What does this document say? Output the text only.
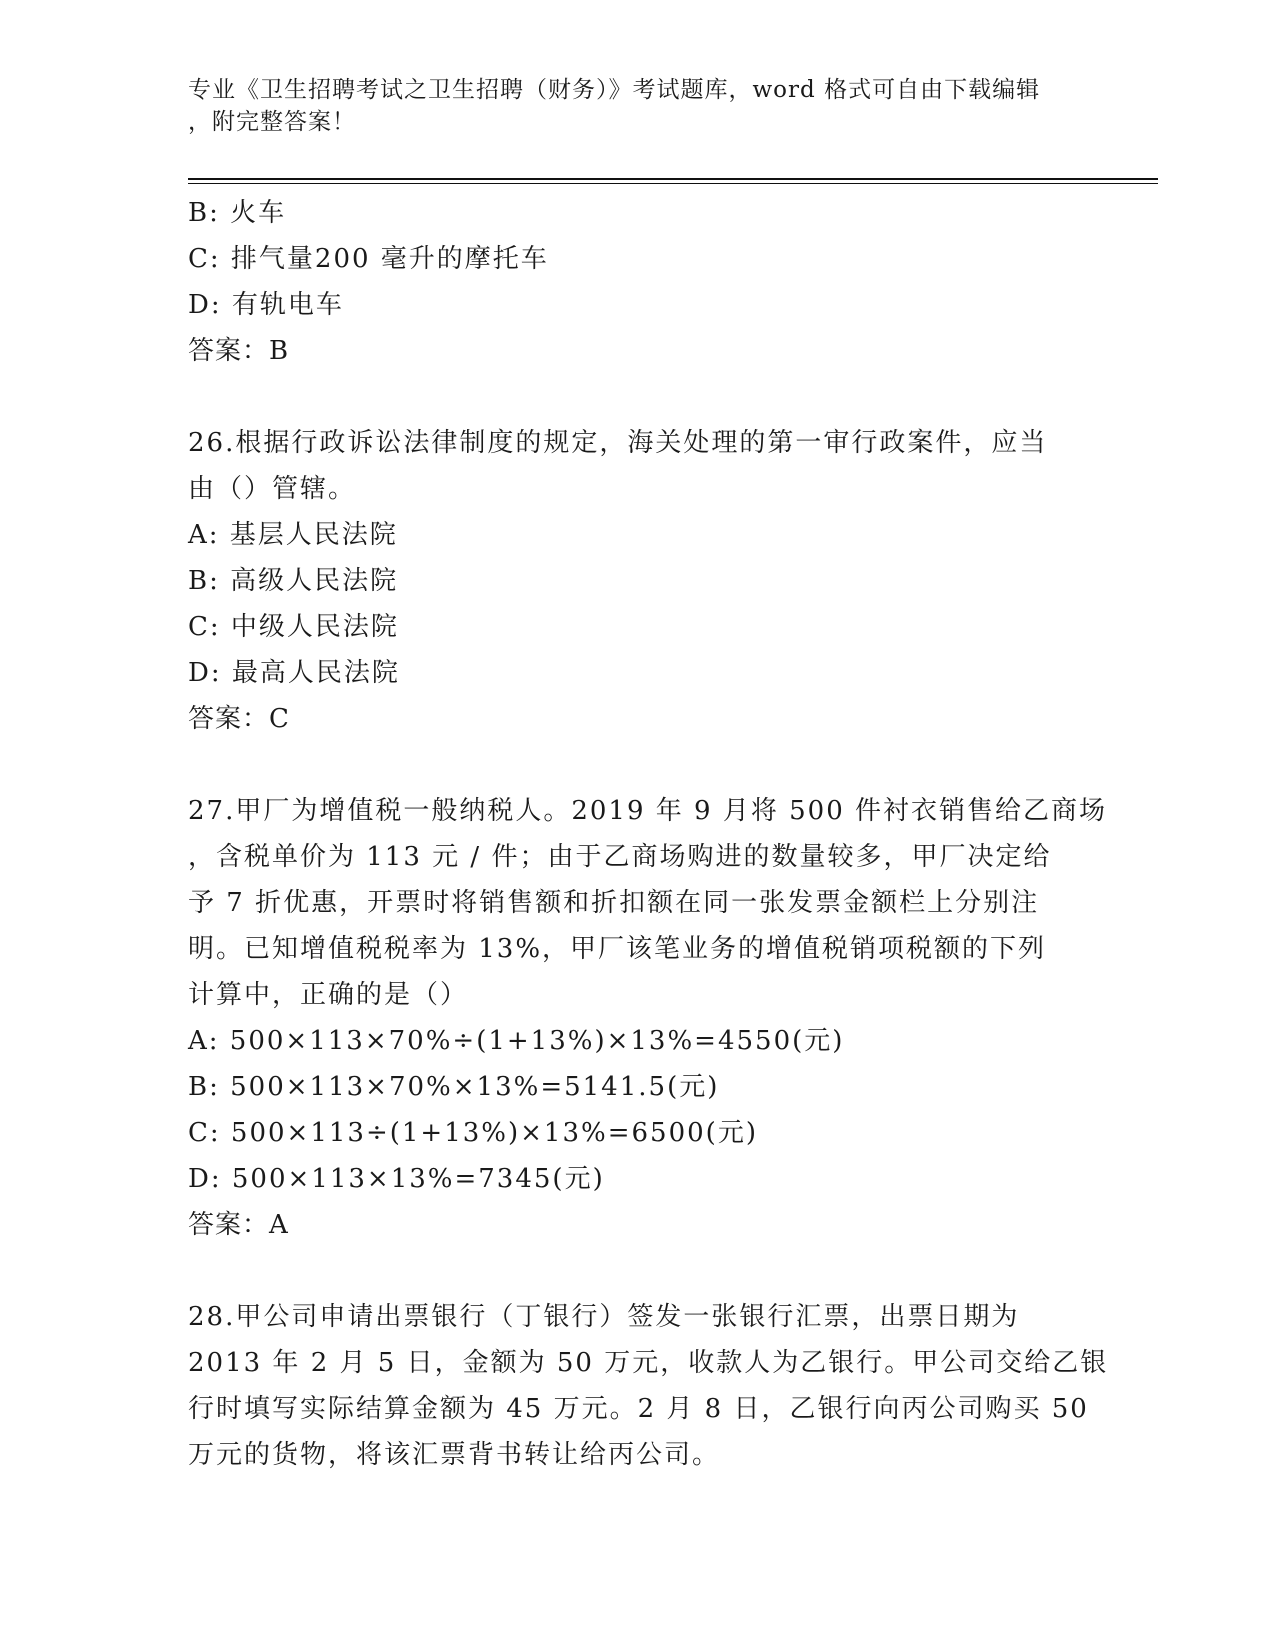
专业《卫生招聘考试之卫生招聘（财务）》考试题库，word 格式可自由下载编辑
，附完整答案！
B: 火车
C: 排气量200 毫升的摩托车
D: 有轨电车
答案：B
26.根据行政诉讼法律制度的规定，海关处理的第一审行政案件，应当
由（）管辖。
A: 基层人民法院
B: 高级人民法院
C: 中级人民法院
D: 最高人民法院
答案：C
27.甲厂为增值税一般纳税人。2019 年 9 月将 500 件衬衣销售给乙商场
，含税单价为 113 元 / 件；由于乙商场购进的数量较多，甲厂决定给
予 7 折优惠，开票时将销售额和折扣额在同一张发票金额栏上分别注
明。已知增值税税率为 13%，甲厂该笔业务的增值税销项税额的下列
计算中，正确的是（）
A: 500×113×70%÷(1+13%)×13%=4550(元)
B: 500×113×70%×13%=5141.5(元)
C: 500×113÷(1+13%)×13%=6500(元)
D: 500×113×13%=7345(元)
答案：A
28.甲公司申请出票银行（丁银行）签发一张银行汇票，出票日期为
2013 年 2 月 5 日，金额为 50 万元，收款人为乙银行。甲公司交给乙银
行时填写实际结算金额为 45 万元。2 月 8 日，乙银行向丙公司购买 50
万元的货物，将该汇票背书转让给丙公司。
